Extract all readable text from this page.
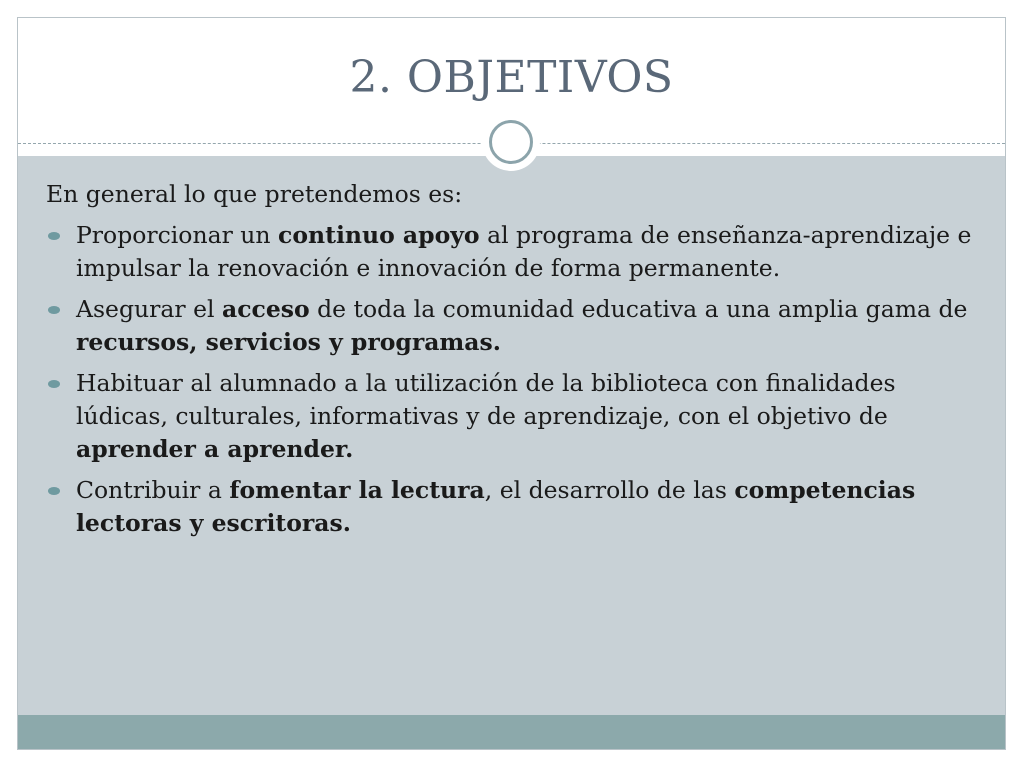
2. OBJETIVOS

En general lo que pretendemos es:

Proporcionar un continuo apoyo al programa de enseñanza-aprendizaje e impulsar la renovación e innovación de forma permanente.
Asegurar el acceso de toda la comunidad educativa a una amplia gama de recursos, servicios y programas.
Habituar al alumnado a la utilización de la biblioteca con finalidades lúdicas, culturales, informativas y de aprendizaje, con el objetivo de aprender a aprender.
Contribuir a fomentar la lectura, el desarrollo de las competencias lectoras y escritoras.
